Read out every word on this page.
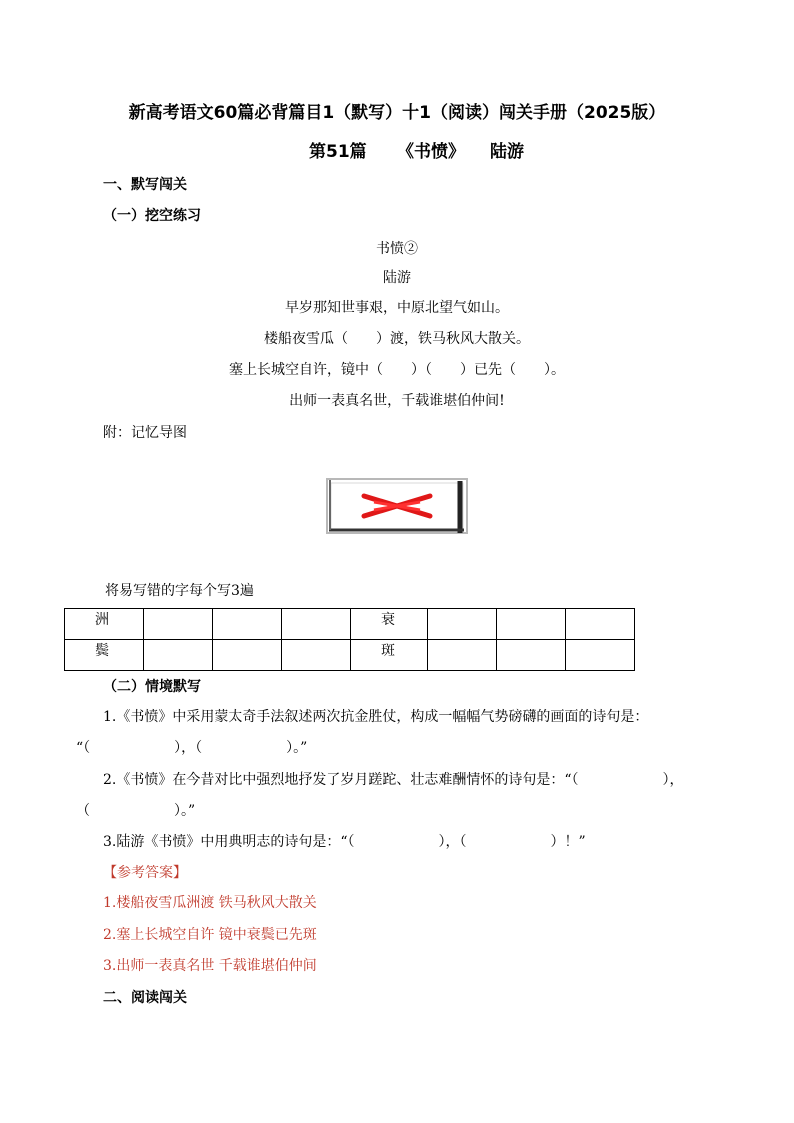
新高考语文60篇必背篇目1（默写）十1（阅读）闯关手册（2025版）
第51篇 《书愤》 陆游
一、默写闯关
（一）挖空练习
书愤②
陆游
早岁那知世事艰，中原北望气如山。
楼船夜雪瓜（　　）渡，铁马秋风大散关。
塞上长城空自许，镜中（　　）（　　）已先（　　）。
出师一表真名世，千载谁堪伯仲间!
附：记忆导图
将易写错的字每个写3遍
洲				衰			
鬓				斑			
（二）情境默写
1.《书愤》中采用蒙太奇手法叙述两次抗金胜仗，构成一幅幅气势磅礴的画面的诗句是：
“（　　　　　　），（　　　　　　）。”
2.《书愤》在今昔对比中强烈地抒发了岁月蹉跎、壮志难酬情怀的诗句是：“（　　　　　　），
（　　　　　　）。”
3.陆游《书愤》中用典明志的诗句是：“（　　　　　　），（　　　　　　）！”
【参考答案】
1.楼船夜雪瓜洲渡 铁马秋风大散关
2.塞上长城空自许 镜中衰鬓已先斑
3.出师一表真名世 千载谁堪伯仲间
二、阅读闯关
